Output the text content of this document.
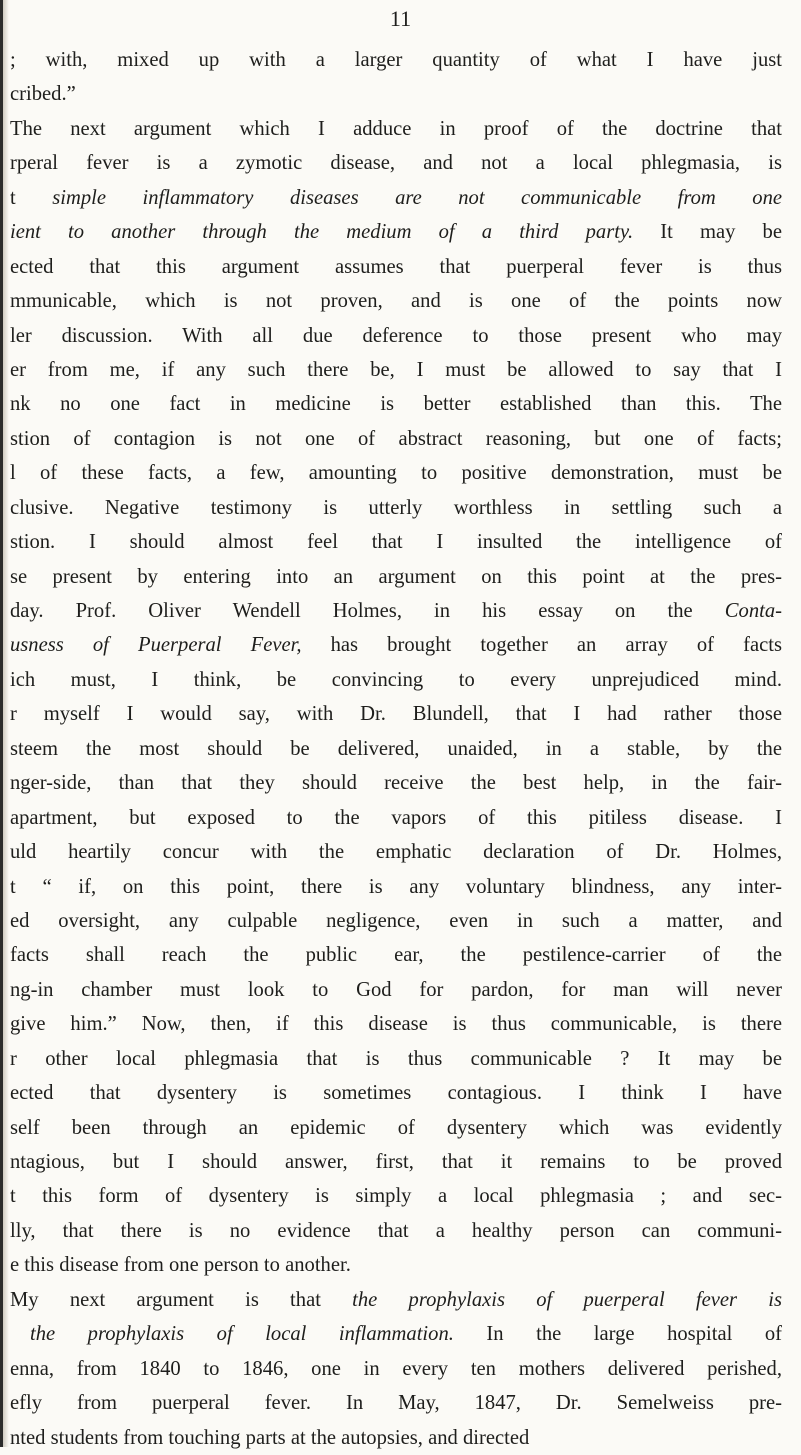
11
; with, mixed up with a larger quantity of what I have just
cribed.”
The next argument which I adduce in proof of the doctrine that
rperal fever is a zymotic disease, and not a local phlegmasia, is
t simple inflammatory diseases are not communicable from one
ient to another through the medium of a third party. It may be
ected that this argument assumes that puerperal fever is thus
mmunicable, which is not proven, and is one of the points now
ler discussion. With all due deference to those present who may
er from me, if any such there be, I must be allowed to say that I
nk no one fact in medicine is better established than this. The
stion of contagion is not one of abstract reasoning, but one of facts;
l of these facts, a few, amounting to positive demonstration, must be
clusive. Negative testimony is utterly worthless in settling such a
stion. I should almost feel that I insulted the intelligence of
se present by entering into an argument on this point at the pres-
day. Prof. Oliver Wendell Holmes, in his essay on the Conta-
usness of Puerperal Fever, has brought together an array of facts
ich must, I think, be convincing to every unprejudiced mind.
r myself I would say, with Dr. Blundell, that I had rather those
steem the most should be delivered, unaided, in a stable, by the
nger-side, than that they should receive the best help, in the fair-
apartment, but exposed to the vapors of this pitiless disease. I
uld heartily concur with the emphatic declaration of Dr. Holmes,
t “ if, on this point, there is any voluntary blindness, any inter-
ed oversight, any culpable negligence, even in such a matter, and
facts shall reach the public ear, the pestilence-carrier of the
ng-in chamber must look to God for pardon, for man will never
give him.” Now, then, if this disease is thus communicable, is there
r other local phlegmasia that is thus communicable ? It may be
ected that dysentery is sometimes contagious. I think I have
self been through an epidemic of dysentery which was evidently
ntagious, but I should answer, first, that it remains to be proved
t this form of dysentery is simply a local phlegmasia ; and sec-
lly, that there is no evidence that a healthy person can communi-
e this disease from one person to another.
My next argument is that the prophylaxis of puerperal fever is
the prophylaxis of local inflammation. In the large hospital of
enna, from 1840 to 1846, one in every ten mothers delivered perished,
efly from puerperal fever. In May, 1847, Dr. Semelweiss pre-
nted students from touching parts at the autopsies, and directed
